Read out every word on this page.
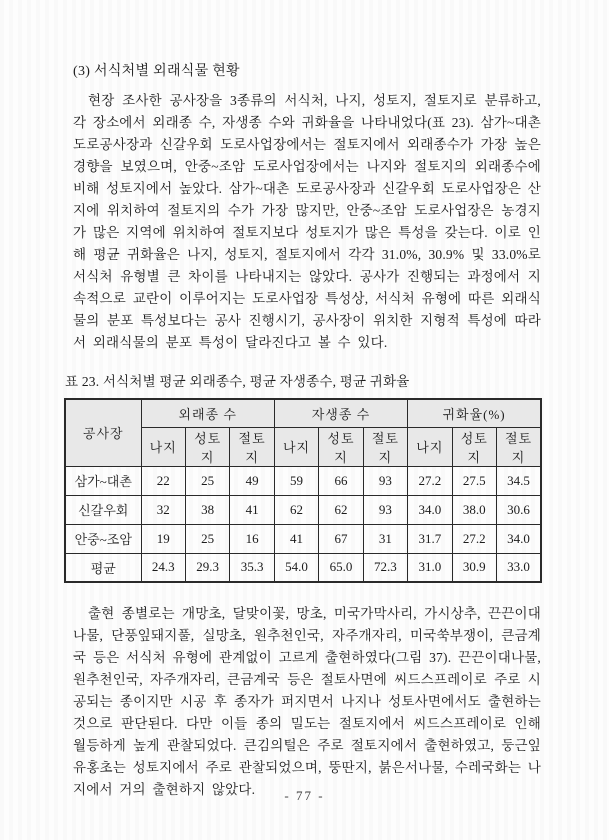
(3) 서식처별 외래식물 현황

현장 조사한 공사장을 3종류의 서식처, 나지, 성토지, 절토지로 분류하고, 각 장소에서 외래종 수, 자생종 수와 귀화율을 나타내었다(표 23). 삼가~대촌 도로공사장과 신갈우회 도로사업장에서는 절토지에서 외래종수가 가장 높은 경향을 보였으며, 안중~조암 도로사업장에서는 나지와 절토지의 외래종수에 비해 성토지에서 높았다. 삼가~대촌 도로공사장과 신갈우회 도로사업장은 산지에 위치하여 절토지의 수가 가장 많지만, 안중~조암 도로사업장은 농경지가 많은 지역에 위치하여 절토지보다 성토지가 많은 특성을 갖는다. 이로 인해 평균 귀화율은 나지, 성토지, 절토지에서 각각 31.0%, 30.9% 및 33.0%로 서식처 유형별 큰 차이를 나타내지는 않았다. 공사가 진행되는 과정에서 지속적으로 교란이 이루어지는 도로사업장 특성상, 서식처 유형에 따른 외래식물의 분포 특성보다는 공사 진행시기, 공사장이 위치한 지형적 특성에 따라서 외래식물의 분포 특성이 달라진다고 볼 수 있다.

표 23. 서식처별 평균 외래종수, 평균 자생종수, 평균 귀화율
공사장	외래종 수			자생종 수			귀화율(%)		
	나지	성토지	절토지	나지	성토지	절토지	나지	성토지	절토지
삼가~대촌	22	25	49	59	66	93	27.2	27.5	34.5
신갈우회	32	38	41	62	62	93	34.0	38.0	30.6
안중~조암	19	25	16	41	67	31	31.7	27.2	34.0
평균	24.3	29.3	35.3	54.0	65.0	72.3	31.0	30.9	33.0

출현 종별로는 개망초, 달맞이꽃, 망초, 미국가막사리, 가시상추, 끈끈이대나물, 단풍잎돼지풀, 실망초, 원추천인국, 자주개자리, 미국쑥부쟁이, 큰금계국 등은 서식처 유형에 관계없이 고르게 출현하였다(그림 37). 끈끈이대나물, 원추천인국, 자주개자리, 큰금계국 등은 절토사면에 씨드스프레이로 주로 시공되는 종이지만 시공 후 종자가 퍼지면서 나지나 성토사면에서도 출현하는 것으로 판단된다. 다만 이들 종의 밀도는 절토지에서 씨드스프레이로 인해 월등하게 높게 관찰되었다. 큰김의털은 주로 절토지에서 출현하였고, 둥근잎유홍초는 성토지에서 주로 관찰되었으며, 뚱딴지, 붉은서나물, 수레국화는 나지에서 거의 출현하지 않았다.	- 77 -
